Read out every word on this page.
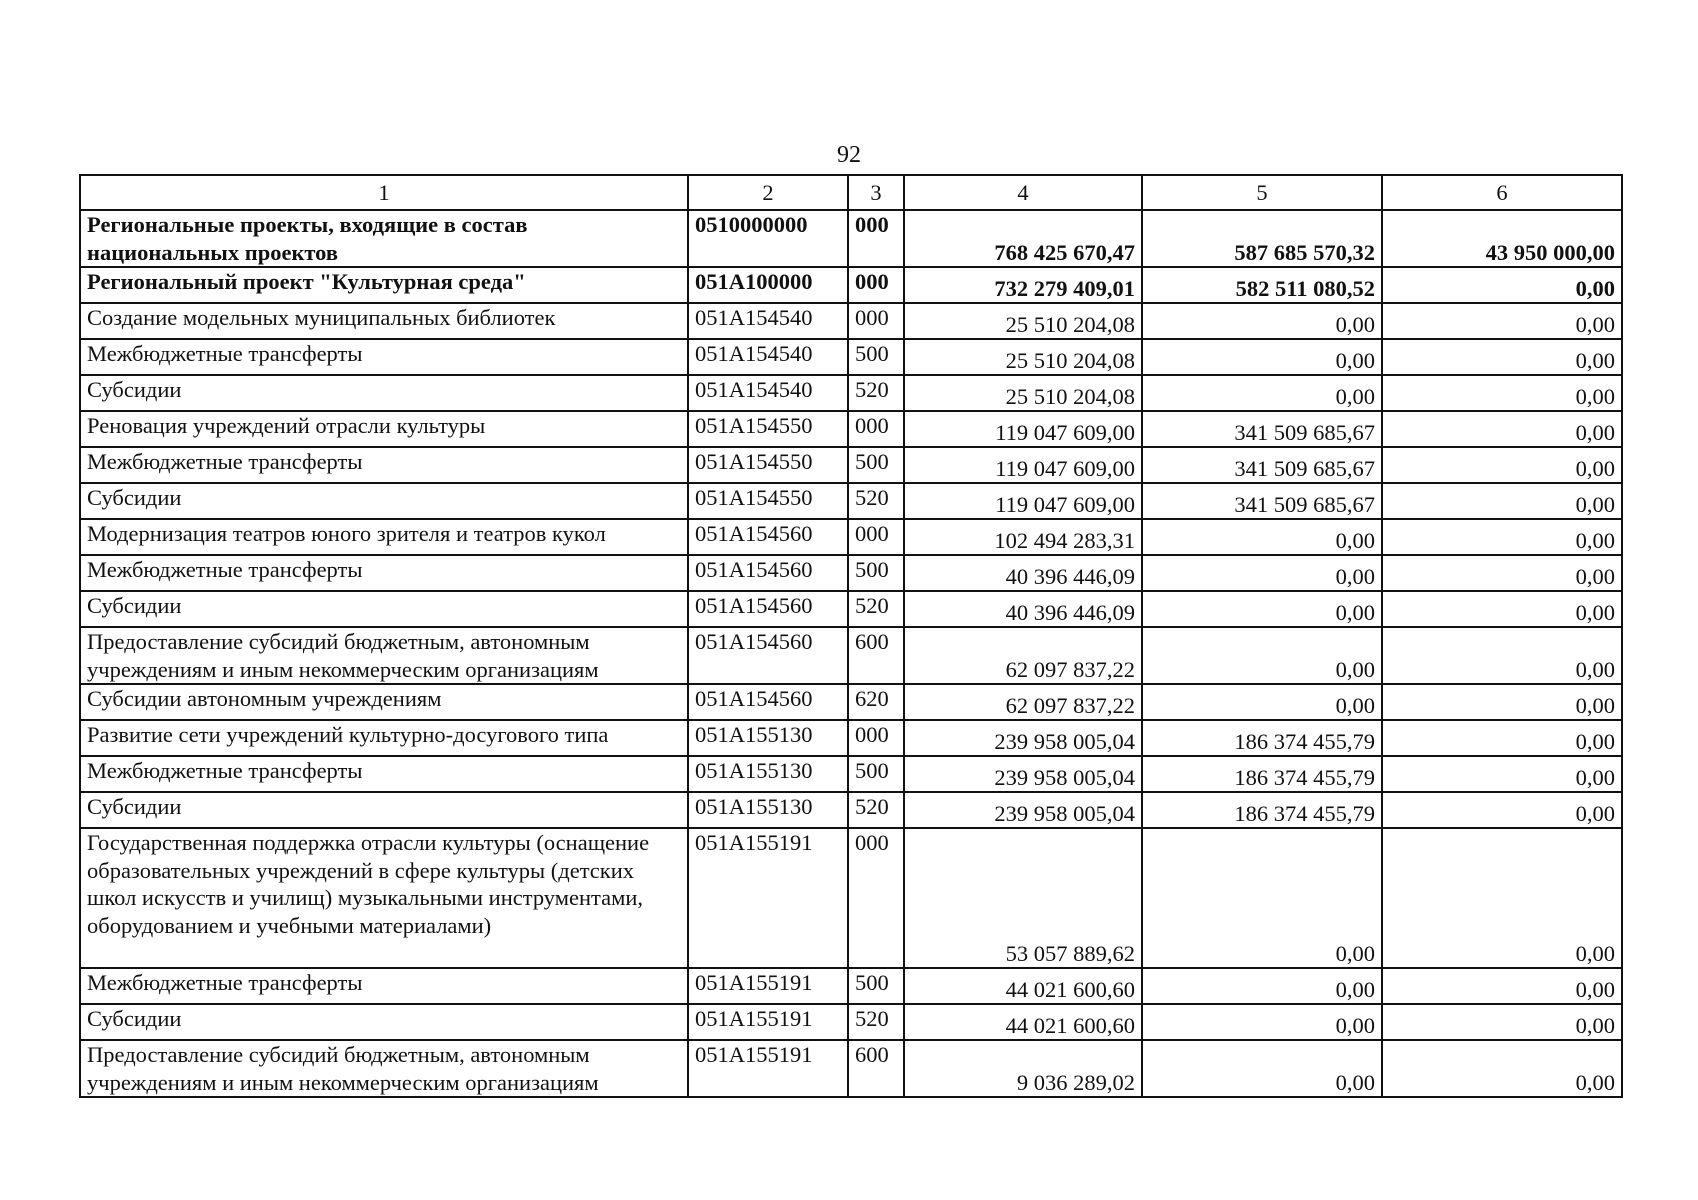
92
1	2	3	4	5	6
Региональные проекты, входящие в состав национальных проектов	0510000000	000	768 425 670,47	587 685 570,32	43 950 000,00
Региональный проект "Культурная среда"	051A100000	000	732 279 409,01	582 511 080,52	0,00
Создание модельных муниципальных библиотек	051A154540	000	25 510 204,08	0,00	0,00
Межбюджетные трансферты	051A154540	500	25 510 204,08	0,00	0,00
Субсидии	051A154540	520	25 510 204,08	0,00	0,00
Реновация учреждений отрасли культуры	051A154550	000	119 047 609,00	341 509 685,67	0,00
Межбюджетные трансферты	051A154550	500	119 047 609,00	341 509 685,67	0,00
Субсидии	051A154550	520	119 047 609,00	341 509 685,67	0,00
Модернизация театров юного зрителя и театров кукол	051A154560	000	102 494 283,31	0,00	0,00
Межбюджетные трансферты	051A154560	500	40 396 446,09	0,00	0,00
Субсидии	051A154560	520	40 396 446,09	0,00	0,00
Предоставление субсидий бюджетным, автономным учреждениям и иным некоммерческим организациям	051A154560	600	62 097 837,22	0,00	0,00
Субсидии автономным учреждениям	051A154560	620	62 097 837,22	0,00	0,00
Развитие сети учреждений культурно-досугового типа	051A155130	000	239 958 005,04	186 374 455,79	0,00
Межбюджетные трансферты	051A155130	500	239 958 005,04	186 374 455,79	0,00
Субсидии	051A155130	520	239 958 005,04	186 374 455,79	0,00
Государственная поддержка отрасли культуры (оснащение образовательных учреждений в сфере культуры (детских школ искусств и училищ) музыкальными инструментами, оборудованием и учебными материалами)	051A155191	000	53 057 889,62	0,00	0,00
Межбюджетные трансферты	051A155191	500	44 021 600,60	0,00	0,00
Субсидии	051A155191	520	44 021 600,60	0,00	0,00
Предоставление субсидий бюджетным, автономным учреждениям и иным некоммерческим организациям	051A155191	600	9 036 289,02	0,00	0,00
